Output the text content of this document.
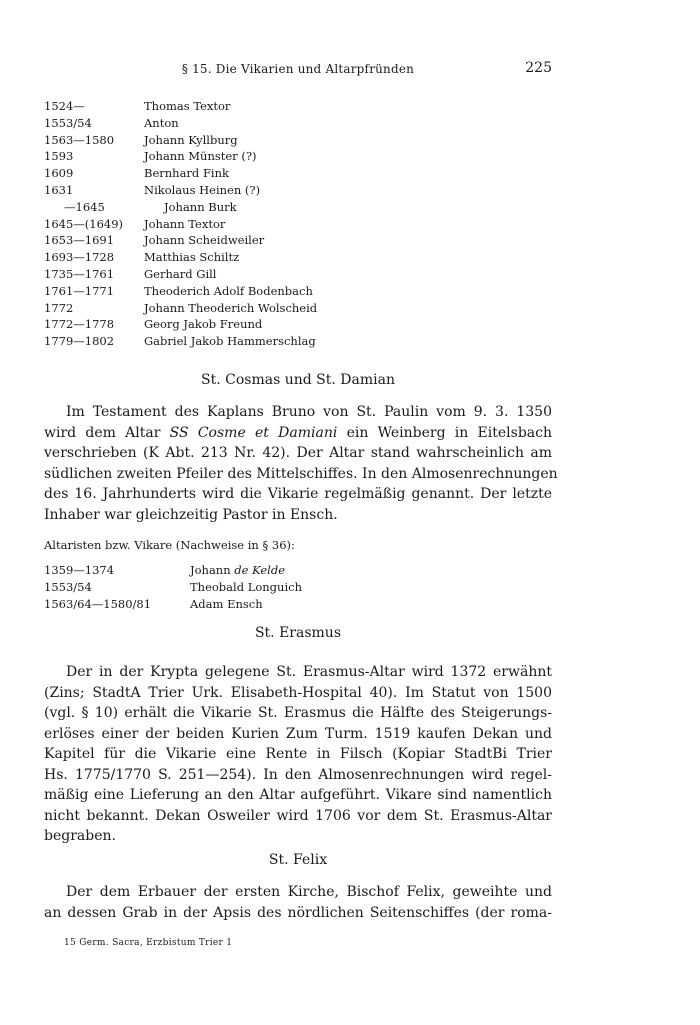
§ 15. Die Vikarien und Altarpfründen	225
1524—	Thomas Textor
1553/54	Anton
1563—1580	Johann Kyllburg
1593	Johann Münster (?)
1609	Bernhard Fink
1631	Nikolaus Heinen (?)
—1645	Johann Burk
1645—(1649)	Johann Textor
1653—1691	Johann Scheidweiler
1693—1728	Matthias Schiltz
1735—1761	Gerhard Gill
1761—1771	Theoderich Adolf Bodenbach
1772	Johann Theoderich Wolscheid
1772—1778	Georg Jakob Freund
1779—1802	Gabriel Jakob Hammerschlag
St. Cosmas und St. Damian
Im Testament des Kaplans Bruno von St. Paulin vom 9. 3. 1350
wird dem Altar SS Cosme et Damiani ein Weinberg in Eitelsbach
verschrieben (K Abt. 213 Nr. 42). Der Altar stand wahrscheinlich am
südlichen zweiten Pfeiler des Mittelschiffes. In den Almosenrechnungen
des 16. Jahrhunderts wird die Vikarie regelmäßig genannt. Der letzte
Inhaber war gleichzeitig Pastor in Ensch.
Altaristen bzw. Vikare (Nachweise in § 36):
1359—1374	Johann de Kelde
1553/54	Theobald Longuich
1563/64—1580/81	Adam Ensch
St. Erasmus
Der in der Krypta gelegene St. Erasmus-Altar wird 1372 erwähnt
(Zins; StadtA Trier Urk. Elisabeth-Hospital 40). Im Statut von 1500
(vgl. § 10) erhält die Vikarie St. Erasmus die Hälfte des Steigerungs-
erlöses einer der beiden Kurien Zum Turm. 1519 kaufen Dekan und
Kapitel für die Vikarie eine Rente in Filsch (Kopiar StadtBi Trier
Hs. 1775/1770 S. 251—254). In den Almosenrechnungen wird regel-
mäßig eine Lieferung an den Altar aufgeführt. Vikare sind namentlich
nicht bekannt. Dekan Osweiler wird 1706 vor dem St. Erasmus-Altar
begraben.
St. Felix
Der dem Erbauer der ersten Kirche, Bischof Felix, geweihte und
an dessen Grab in der Apsis des nördlichen Seitenschiffes (der roma-
15 Germ. Sacra, Erzbistum Trier 1
